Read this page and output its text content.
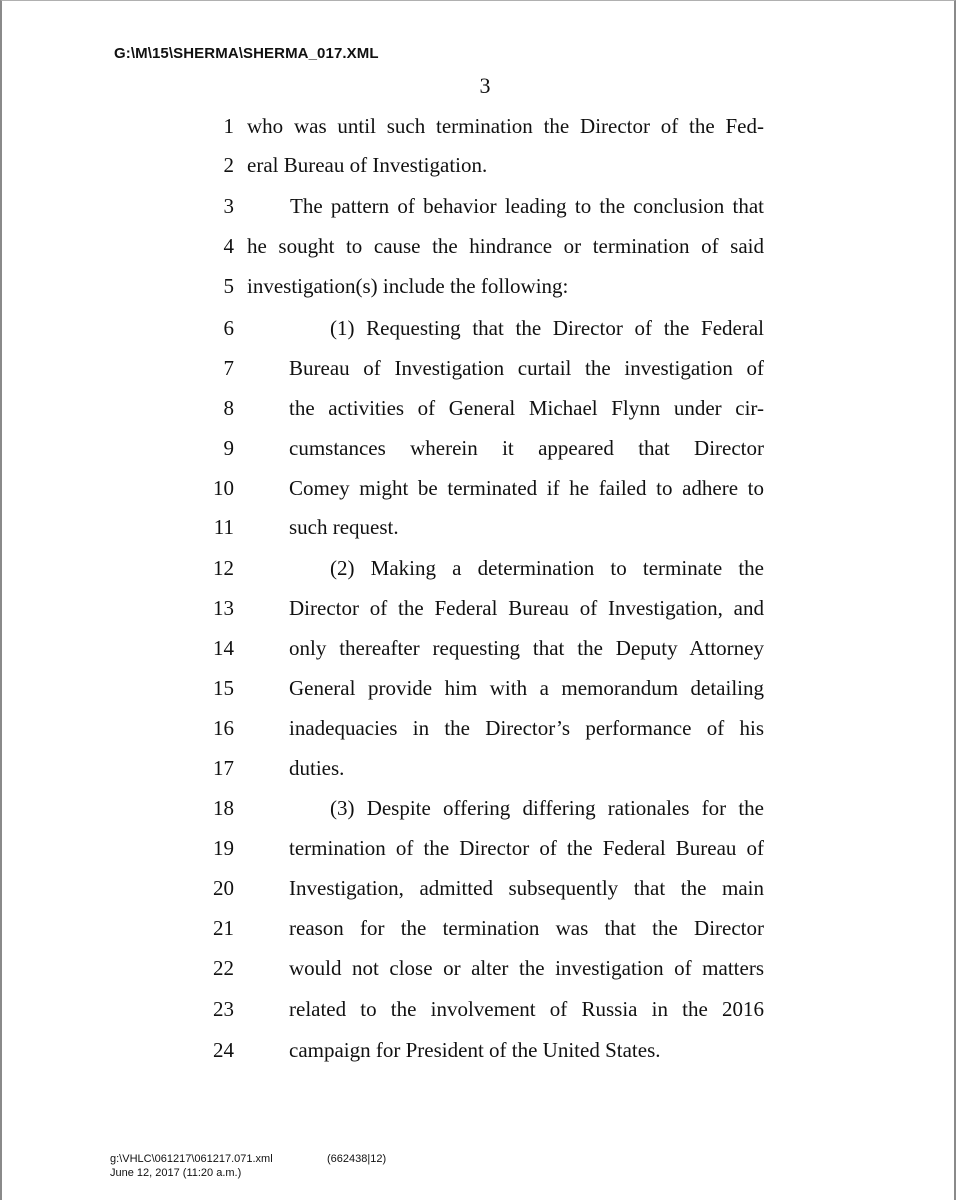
G:\M\15\SHERMA\SHERMA_017.XML
3
1 who was until such termination the Director of the Fed-
2 eral Bureau of Investigation.
3	The pattern of behavior leading to the conclusion that
4 he sought to cause the hindrance or termination of said
5 investigation(s) include the following:
6	(1) Requesting that the Director of the Federal
7	Bureau of Investigation curtail the investigation of
8	the activities of General Michael Flynn under cir-
9	cumstances wherein it appeared that Director
10	Comey might be terminated if he failed to adhere to
11	such request.
12	(2) Making a determination to terminate the
13	Director of the Federal Bureau of Investigation, and
14	only thereafter requesting that the Deputy Attorney
15	General provide him with a memorandum detailing
16	inadequacies in the Director’s performance of his
17	duties.
18	(3) Despite offering differing rationales for the
19	termination of the Director of the Federal Bureau of
20	Investigation, admitted subsequently that the main
21	reason for the termination was that the Director
22	would not close or alter the investigation of matters
23	related to the involvement of Russia in the 2016
24	campaign for President of the United States.
g:\VHLC\061217\061217.071.xml
June 12, 2017 (11:20 a.m.)
(662438|12)
